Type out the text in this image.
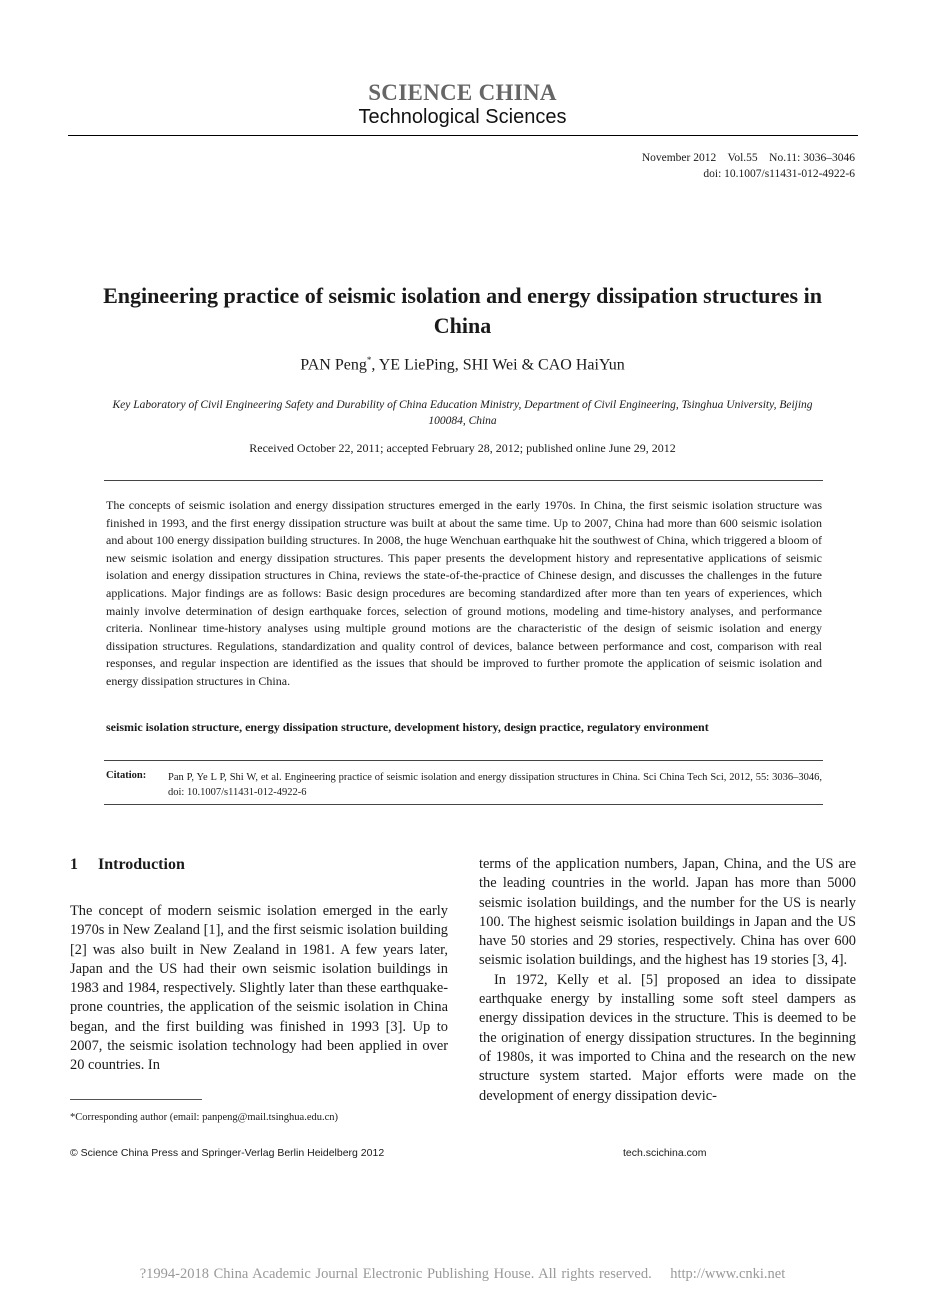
SCIENCE CHINA
Technological Sciences
November 2012    Vol.55    No.11: 3036–3046
doi: 10.1007/s11431-012-4922-6
Engineering practice of seismic isolation and energy dissipation structures in China
PAN Peng*, YE LiePing, SHI Wei & CAO HaiYun
Key Laboratory of Civil Engineering Safety and Durability of China Education Ministry, Department of Civil Engineering, Tsinghua University, Beijing 100084, China
Received October 22, 2011; accepted February 28, 2012; published online June 29, 2012
The concepts of seismic isolation and energy dissipation structures emerged in the early 1970s. In China, the first seismic isolation structure was finished in 1993, and the first energy dissipation structure was built at about the same time. Up to 2007, China had more than 600 seismic isolation and about 100 energy dissipation building structures. In 2008, the huge Wenchuan earthquake hit the southwest of China, which triggered a bloom of new seismic isolation and energy dissipation structures. This paper presents the development history and representative applications of seismic isolation and energy dissipation structures in China, reviews the state-of-the-practice of Chinese design, and discusses the challenges in the future applications. Major findings are as follows: Basic design procedures are becoming standardized after more than ten years of experiences, which mainly involve determination of design earthquake forces, selection of ground motions, modeling and time-history analyses, and performance criteria. Nonlinear time-history analyses using multiple ground motions are the characteristic of the design of seismic isolation and energy dissipation structures. Regulations, standardization and quality control of devices, balance between performance and cost, comparison with real responses, and regular inspection are identified as the issues that should be improved to further promote the application of seismic isolation and energy dissipation structures in China.
seismic isolation structure, energy dissipation structure, development history, design practice, regulatory environment
Citation: Pan P, Ye L P, Shi W, et al. Engineering practice of seismic isolation and energy dissipation structures in China. Sci China Tech Sci, 2012, 55: 3036–3046, doi: 10.1007/s11431-012-4922-6
1 Introduction
The concept of modern seismic isolation emerged in the early 1970s in New Zealand [1], and the first seismic isolation building [2] was also built in New Zealand in 1981. A few years later, Japan and the US had their own seismic isolation buildings in 1983 and 1984, respectively. Slightly later than these earthquake-prone countries, the application of the seismic isolation in China began, and the first building was finished in 1993 [3]. Up to 2007, the seismic isolation technology had been applied in over 20 countries. In
terms of the application numbers, Japan, China, and the US are the leading countries in the world. Japan has more than 5000 seismic isolation buildings, and the number for the US is nearly 100. The highest seismic isolation buildings in Japan and the US have 50 stories and 29 stories, respectively. China has over 600 seismic isolation buildings, and the highest has 19 stories [3, 4].
In 1972, Kelly et al. [5] proposed an idea to dissipate earthquake energy by installing some soft steel dampers as energy dissipation devices in the structure. This is deemed to be the origination of energy dissipation structures. In the beginning of 1980s, it was imported to China and the research on the new structure system started. Major efforts were made on the development of energy dissipation devic-
*Corresponding author (email: panpeng@mail.tsinghua.edu.cn)
© Science China Press and Springer-Verlag Berlin Heidelberg 2012	tech.scichina.com
?1994-2018 China Academic Journal Electronic Publishing House. All rights reserved.    http://www.cnki.net
